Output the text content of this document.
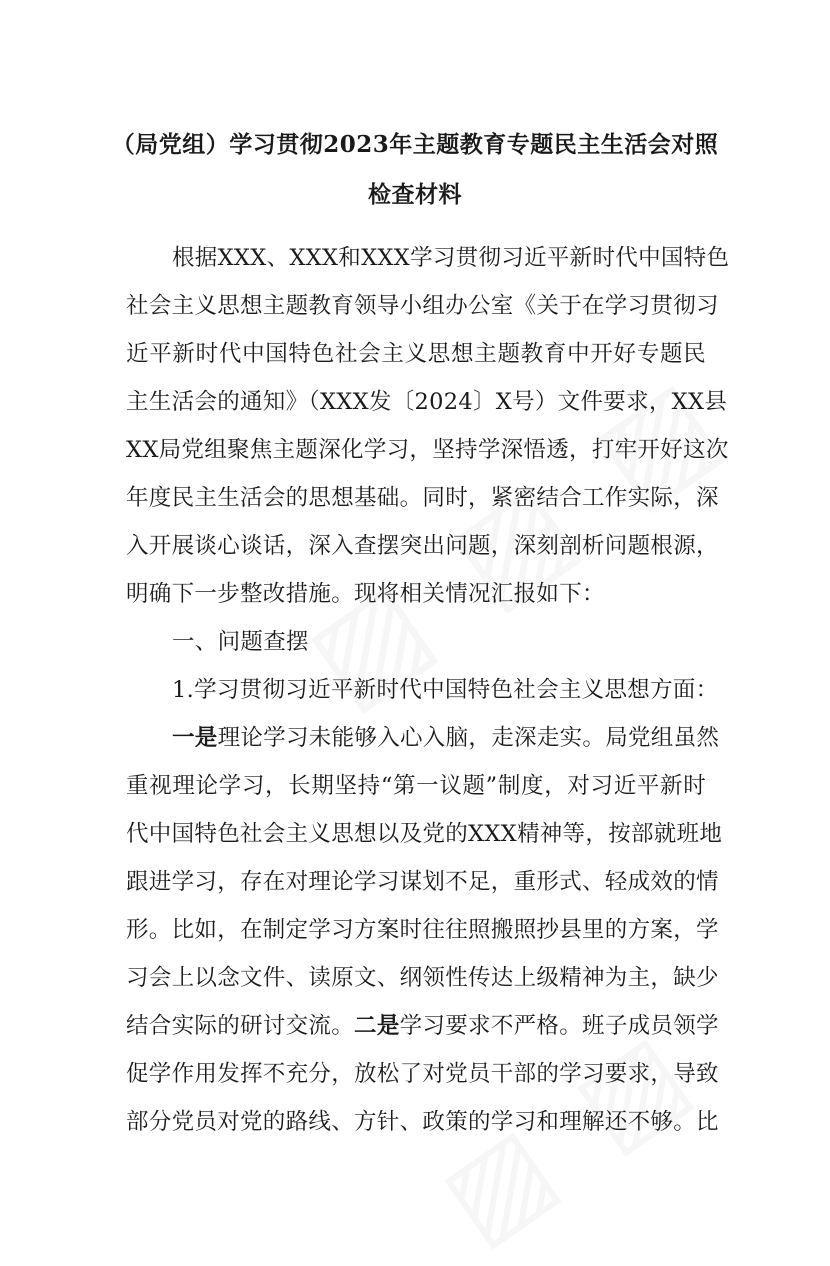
（局党组）学习贯彻2023年主题教育专题民主生活会对照
检查材料

根据XXX、XXX和XXX学习贯彻习近平新时代中国特色

社会主义思想主题教育领导小组办公室《关于在学习贯彻习

近平新时代中国特色社会主义思想主题教育中开好专题民

主生活会的通知》（XXX发〔2024〕X号）文件要求，XX县

XX局党组聚焦主题深化学习，坚持学深悟透，打牢开好这次

年度民主生活会的思想基础。同时，紧密结合工作实际，深

入开展谈心谈话，深入查摆突出问题，深刻剖析问题根源，

明确下一步整改措施。现将相关情况汇报如下：

一、问题查摆

1.学习贯彻习近平新时代中国特色社会主义思想方面：

一是理论学习未能够入心入脑，走深走实。局党组虽然

重视理论学习，长期坚持“第一议题”制度，对习近平新时

代中国特色社会主义思想以及党的XXX精神等，按部就班地

跟进学习，存在对理论学习谋划不足，重形式、轻成效的情

形。比如，在制定学习方案时往往照搬照抄县里的方案，学

习会上以念文件、读原文、纲领性传达上级精神为主，缺少

结合实际的研讨交流。二是学习要求不严格。班子成员领学

促学作用发挥不充分，放松了对党员干部的学习要求，导致

部分党员对党的路线、方针、政策的学习和理解还不够。比
